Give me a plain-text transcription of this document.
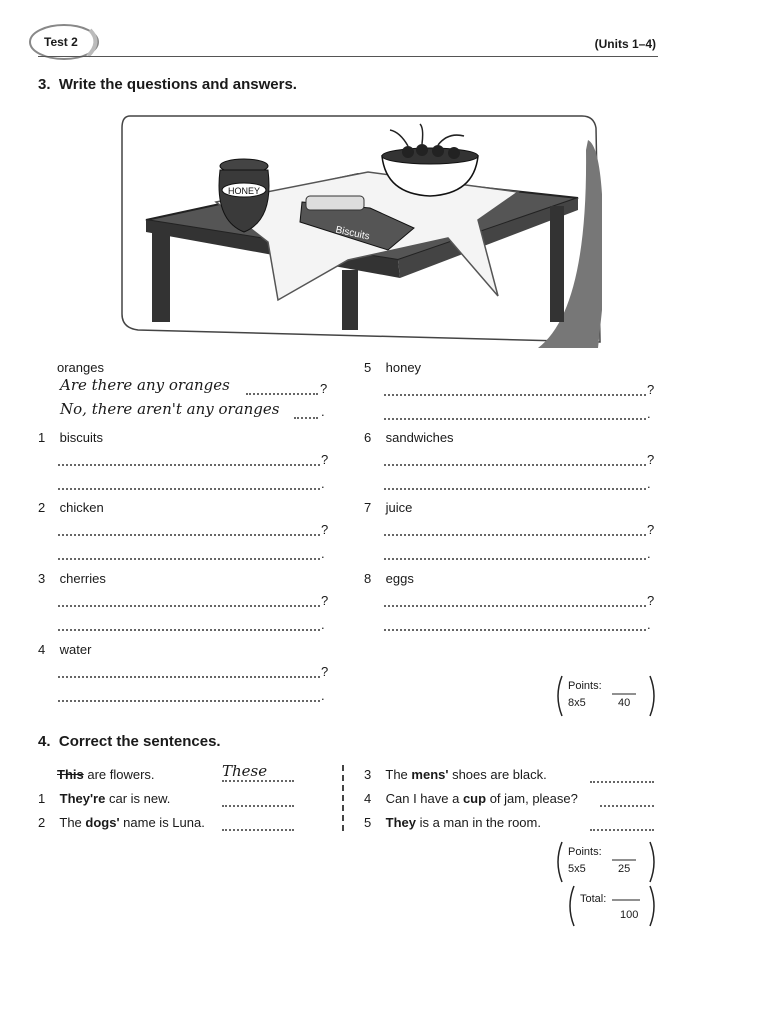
Test 2	(Units 1–4)
3. Write the questions and answers.
HONEY
Biscuits
oranges
Are there any oranges	?
No, there aren't any oranges	.
1 biscuits
?
.
2 chicken
?
.
3 cherries
?
.
4 water
?
.
5 honey
?
.
6 sandwiches
?
.
7 juice
?
.
8 eggs
?
.
Points:
8x5	40
4. Correct the sentences.
This are flowers.	These
1 They're car is new.
2 The dogs' name is Luna.
3 The mens' shoes are black.
4 Can I have a cup of jam, please?
5 They is a man in the room.
Points:
5x5	25
Total:
100
